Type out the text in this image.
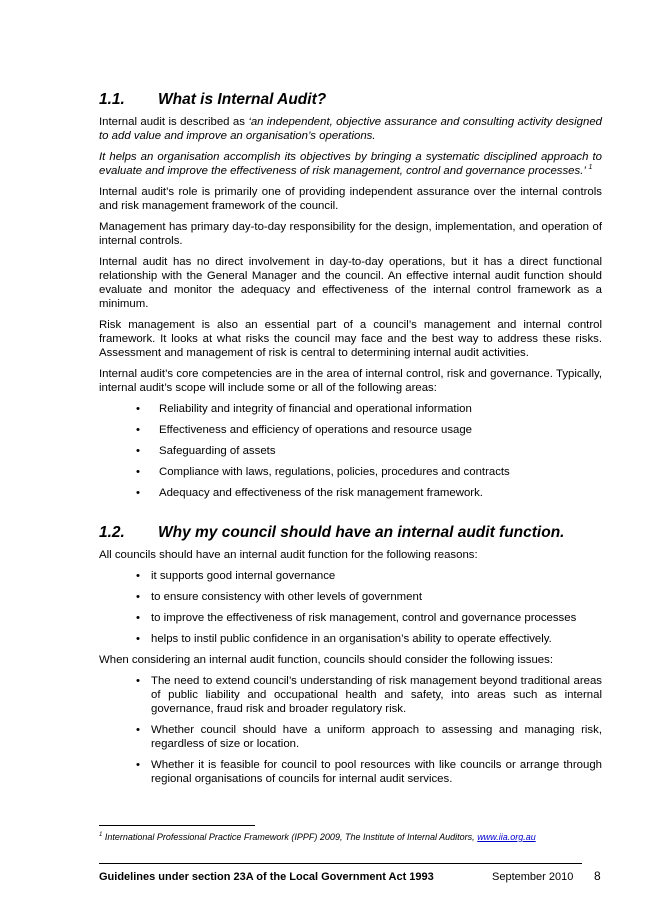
1.1.	What is Internal Audit?

Internal audit is described as ‘an independent, objective assurance and consulting activity designed to add value and improve an organisation’s operations.

It helps an organisation accomplish its objectives by bringing a systematic disciplined approach to evaluate and improve the effectiveness of risk management, control and governance processes.’ $^1$

Internal audit’s role is primarily one of providing independent assurance over the internal controls and risk management framework of the council.

Management has primary day-to-day responsibility for the design, implementation, and operation of internal controls.

Internal audit has no direct involvement in day-to-day operations, but it has a direct functional relationship with the General Manager and the council. An effective internal audit function should evaluate and monitor the adequacy and effectiveness of the internal control framework as a minimum.

Risk management is also an essential part of a council’s management and internal control framework. It looks at what risks the council may face and the best way to address these risks. Assessment and management of risk is central to determining internal audit activities.

Internal audit’s core competencies are in the area of internal control, risk and governance. Typically, internal audit’s scope will include some or all of the following areas:

• Reliability and integrity of financial and operational information
• Effectiveness and efficiency of operations and resource usage
• Safeguarding of assets
• Compliance with laws, regulations, policies, procedures and contracts
• Adequacy and effectiveness of the risk management framework.
1.2.	Why my council should have an internal audit function.

All councils should have an internal audit function for the following reasons:

• it supports good internal governance
• to ensure consistency with other levels of government
• to improve the effectiveness of risk management, control and governance processes
• helps to instil public confidence in an organisation’s ability to operate effectively.

When considering an internal audit function, councils should consider the following issues:

• The need to extend council’s understanding of risk management beyond traditional areas of public liability and occupational health and safety, into areas such as internal governance, fraud risk and broader regulatory risk.
• Whether council should have a uniform approach to assessing and managing risk, regardless of size or location.
• Whether it is feasible for council to pool resources with like councils or arrange through regional organisations of councils for internal audit services.
$^1$ International Professional Practice Framework (IPPF) 2009, The Institute of Internal Auditors, www.iia.org.au
Guidelines under section 23A of the Local Government Act 1993	September 2010 8
